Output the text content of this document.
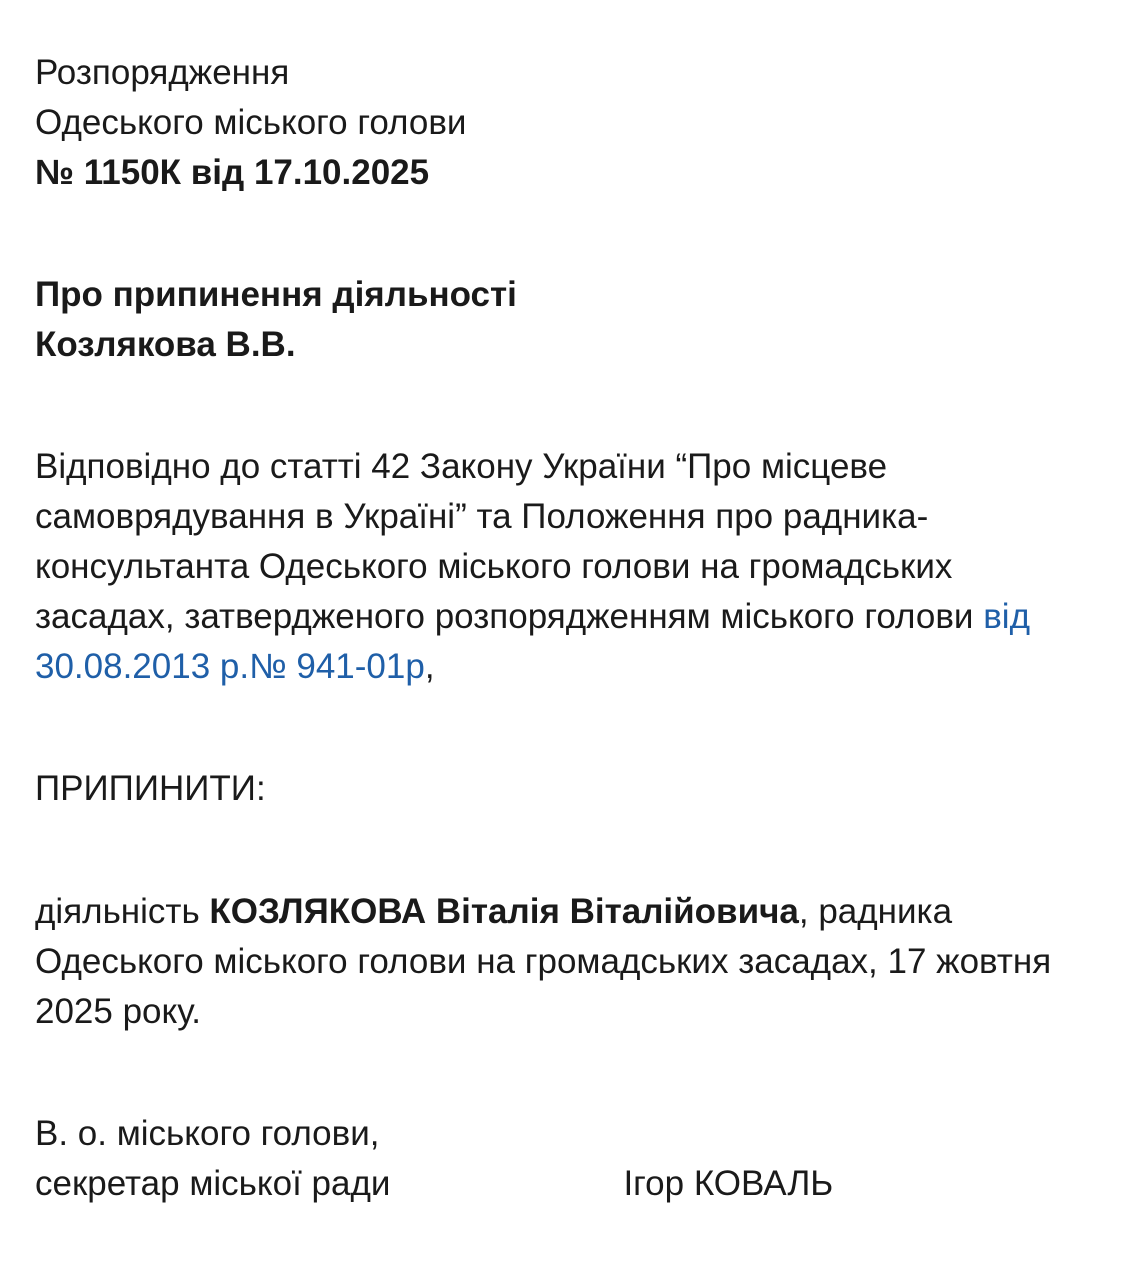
Розпорядження
Одеського міського голови
№ 1150К від 17.10.2025

Про припинення діяльності
Козлякова В.В.

Відповідно до статті 42 Закону України “Про місцеве самоврядування в Україні” та Положення про радника-консультанта Одеського міського голови на громадських засадах, затвердженого розпорядженням міського голови від 30.08.2013 р.№ 941-01р,

ПРИПИНИТИ:

діяльність КОЗЛЯКОВА Віталія Віталійовича, радника Одеського міського голови на громадських засадах, 17 жовтня 2025 року.

В. о. міського голови,
секретар міської ради	Ігор КОВАЛЬ
